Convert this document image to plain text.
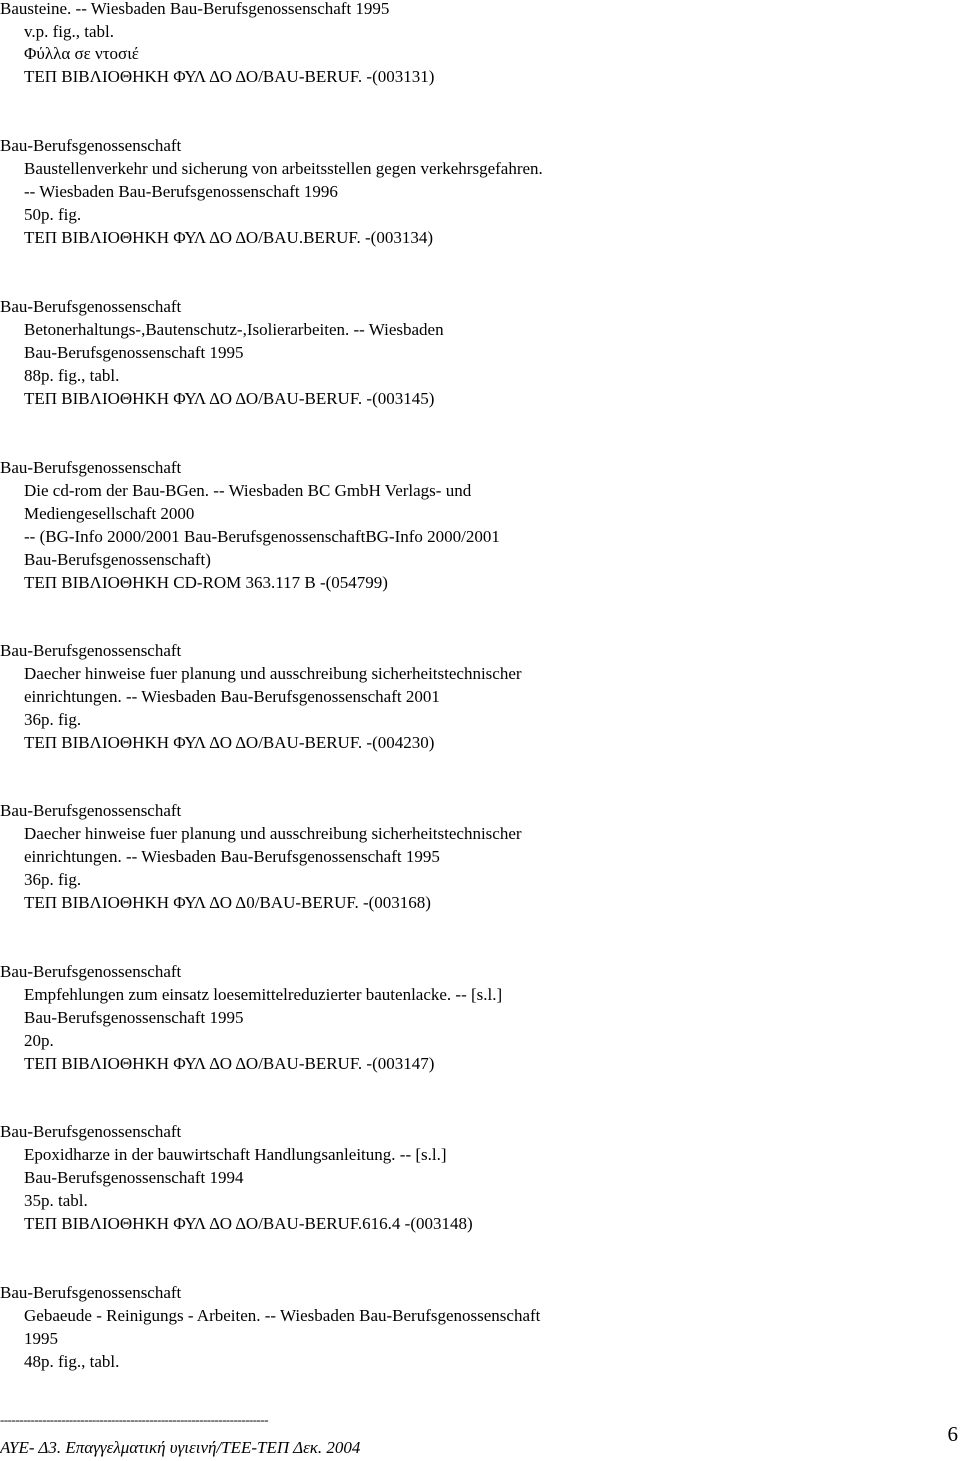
Bausteine. -- Wiesbaden Bau-Berufsgenossenschaft 1995
v.p. fig., tabl.
Φύλλα σε ντοσιέ
ΤΕΠ ΒΙΒΛΙΟΘΗΚΗ ΦΥΛ ΔΟ ΔΟ/BAU-BERUF. -(003131)
Bau-Berufsgenossenschaft
Baustellenverkehr und sicherung von arbeitsstellen gegen verkehrsgefahren.
-- Wiesbaden Bau-Berufsgenossenschaft 1996
50p. fig.
ΤΕΠ ΒΙΒΛΙΟΘΗΚΗ ΦΥΛ ΔΟ ΔΟ/BAU.BERUF. -(003134)
Bau-Berufsgenossenschaft
Betonerhaltungs-,Bautenschutz-,Isolierarbeiten. -- Wiesbaden
Bau-Berufsgenossenschaft 1995
88p. fig., tabl.
ΤΕΠ ΒΙΒΛΙΟΘΗΚΗ ΦΥΛ ΔΟ ΔΟ/BAU-BERUF. -(003145)
Bau-Berufsgenossenschaft
Die cd-rom der Bau-BGen. -- Wiesbaden BC GmbH Verlags- und
Mediengesellschaft 2000
-- (BG-Info 2000/2001 Bau-BerufsgenossenschaftBG-Info 2000/2001
Bau-Berufsgenossenschaft)
ΤΕΠ ΒΙΒΛΙΟΘΗΚΗ CD-ROM 363.117 B -(054799)
Bau-Berufsgenossenschaft
Daecher hinweise fuer planung und ausschreibung sicherheitstechnischer
einrichtungen. -- Wiesbaden Bau-Berufsgenossenschaft 2001
36p. fig.
ΤΕΠ ΒΙΒΛΙΟΘΗΚΗ ΦΥΛ ΔΟ ΔΟ/BAU-BERUF. -(004230)
Bau-Berufsgenossenschaft
Daecher hinweise fuer planung und ausschreibung sicherheitstechnischer
einrichtungen. -- Wiesbaden Bau-Berufsgenossenschaft 1995
36p. fig.
ΤΕΠ ΒΙΒΛΙΟΘΗΚΗ ΦΥΛ ΔΟ Δ0/BAU-BERUF. -(003168)
Bau-Berufsgenossenschaft
Empfehlungen zum einsatz loesemittelreduzierter bautenlacke. -- [s.l.]
Bau-Berufsgenossenschaft 1995
20p.
ΤΕΠ ΒΙΒΛΙΟΘΗΚΗ ΦΥΛ ΔΟ ΔΟ/BAU-BERUF. -(003147)
Bau-Berufsgenossenschaft
Epoxidharze in der bauwirtschaft Handlungsanleitung. -- [s.l.]
Bau-Berufsgenossenschaft 1994
35p. tabl.
ΤΕΠ ΒΙΒΛΙΟΘΗΚΗ ΦΥΛ ΔΟ ΔΟ/BAU-BERUF.616.4 -(003148)
Bau-Berufsgenossenschaft
Gebaeude - Reinigungs - Arbeiten. -- Wiesbaden Bau-Berufsgenossenschaft
1995
48p. fig., tabl.
----------------------------------------------------------------------
ΑΥΕ- Δ3. Επαγγελματική υγιεινή/ΤΕΕ-ΤΕΠ Δεκ. 2004
6
